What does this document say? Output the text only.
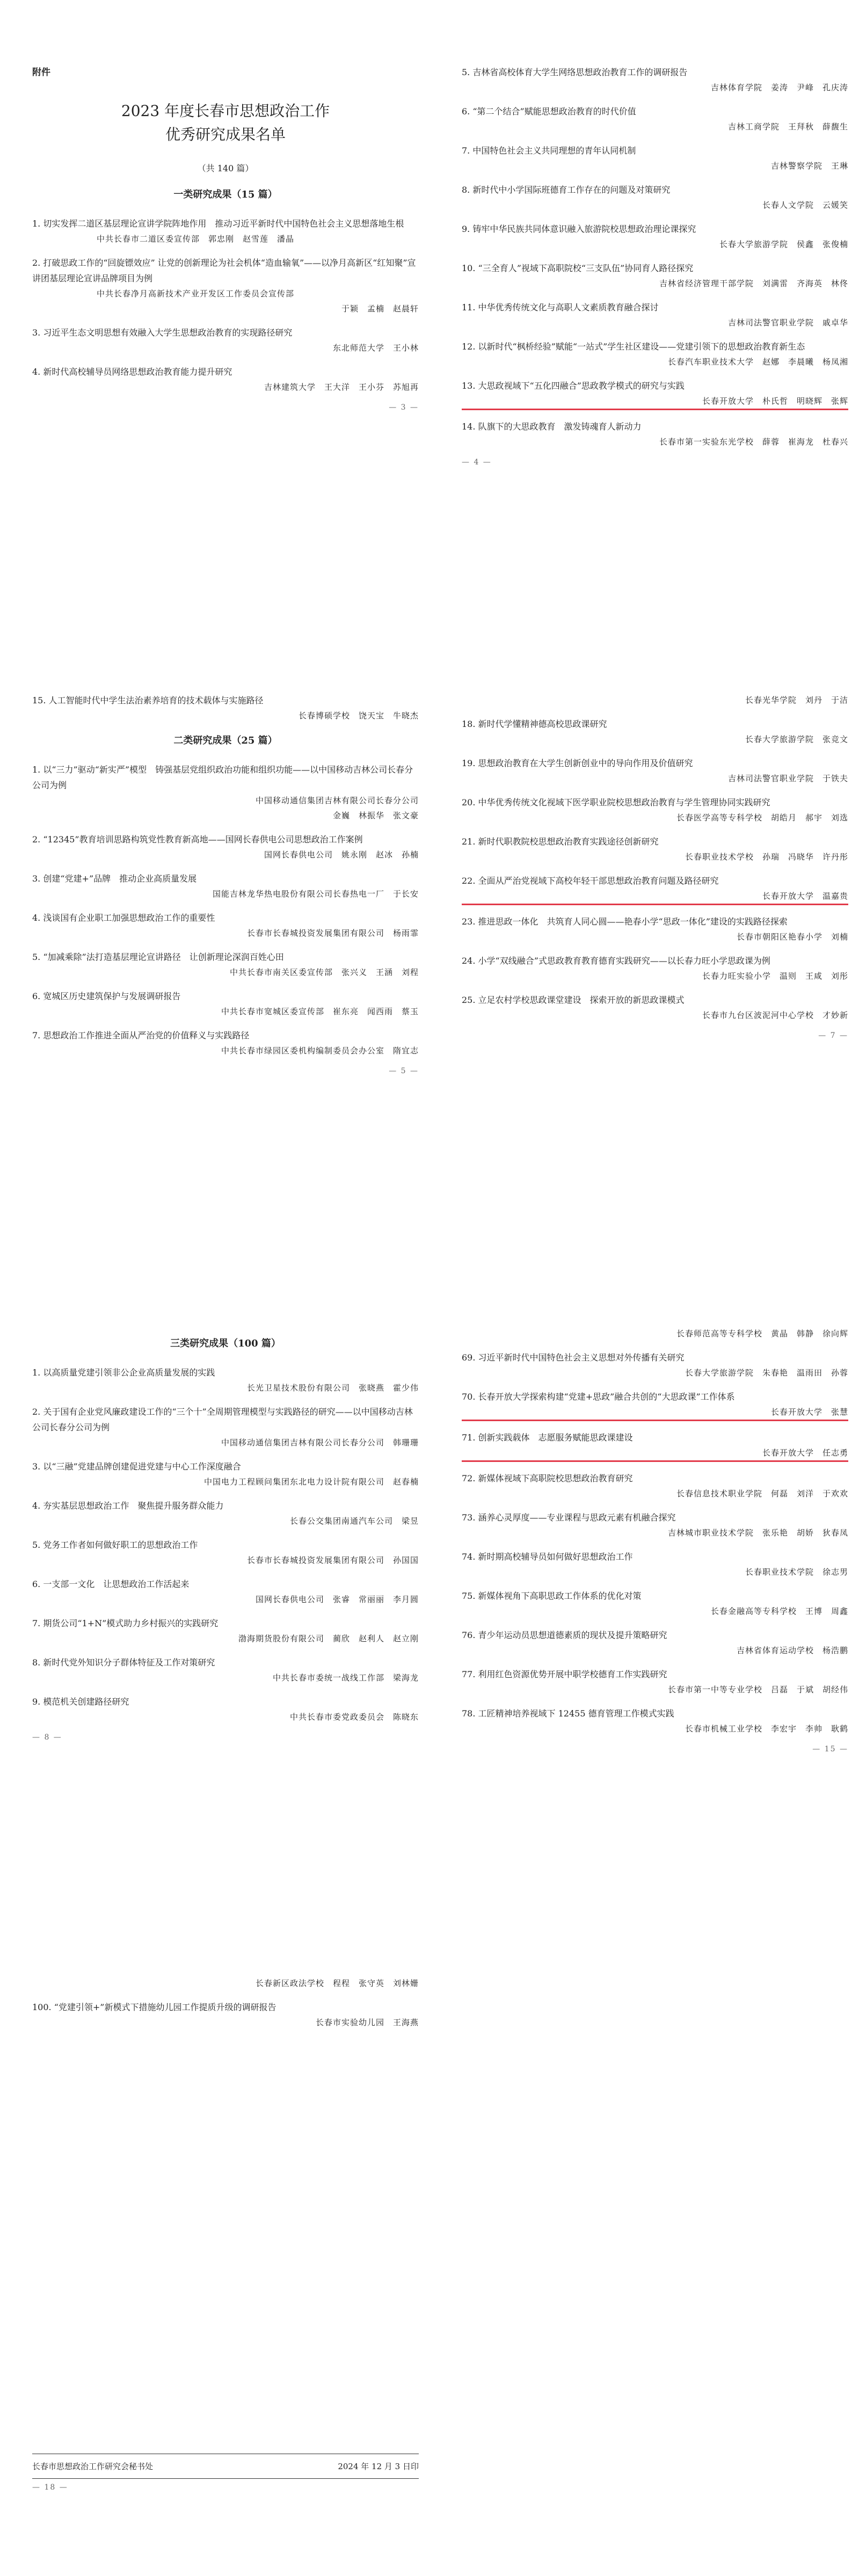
附件
2023 年度长春市思想政治工作
优秀研究成果名单
（共 140 篇）
一类研究成果（15 篇）
1. 切实发挥二道区基层理论宣讲学院阵地作用　推动习近平新时代中国特色社会主义思想落地生根
中共长春市二道区委宣传部　郭忠刚　赵雪莲　潘晶
2. 打破思政工作的“回旋镖效应” 让党的创新理论为社会机体“造血输氧”——以净月高新区“红知聚”宣讲团基层理论宣讲品牌项目为例
中共长春净月高新技术产业开发区工作委员会宣传部
于颖　孟楠　赵晨轩
3. 习近平生态文明思想有效融入大学生思想政治教育的实现路径研究
东北师范大学　王小林
4. 新时代高校辅导员网络思想政治教育能力提升研究
吉林建筑大学　王大洋　王小芬　苏旭再
— 3 —
5. 吉林省高校体育大学生网络思想政治教育工作的调研报告
吉林体育学院　姜涛　尹峰　孔庆涛
6. “第二个结合”赋能思想政治教育的时代价值
吉林工商学院　王拜秋　薛馥生
7. 中国特色社会主义共同理想的青年认同机制
吉林警察学院　王琳
8. 新时代中小学国际班德育工作存在的问题及对策研究
长春人文学院　云媛笑
9. 铸牢中华民族共同体意识融入旅游院校思想政治理论课探究
长春大学旅游学院　侯鑫　张俊楠
10. “三全育人”视域下高职院校“三支队伍”协同育人路径探究
吉林省经济管理干部学院　刘满雷　齐海英　林佟
11. 中华优秀传统文化与高职人文素质教育融合探讨
吉林司法警官职业学院　戚卓华
12. 以新时代“枫桥经验”赋能“一站式”学生社区建设——党建引领下的思想政治教育新生态
长春汽车职业技术大学　赵娜　李晨曦　杨凤湘
13. 大思政视域下“五化四融合”思政教学模式的研究与实践
长春开放大学　朴氏哲　明晓辉　张辉
14. 队旗下的大思政教育　激发铸魂育人新动力
长春市第一实验东光学校　薛蓉　崔海龙　杜春兴
— 4 —
15. 人工智能时代中学生法治素养培育的技术载体与实施路径
长春博硕学校　饶天宝　牛晓杰
二类研究成果（25 篇）
1. 以“三力”驱动“新实严”模型　铸强基层党组织政治功能和组织功能——以中国移动吉林公司长春分公司为例
中国移动通信集团吉林有限公司长春分公司
金巍　林振华　张文豪
2. “12345”教育培训思路构筑党性教育新高地——国网长春供电公司思想政治工作案例
国网长春供电公司　姚永刚　赵冰　孙楠
3. 创建“党建+”品牌　推动企业高质量发展
国能吉林龙华热电股份有限公司长春热电一厂　于长安
4. 浅谈国有企业职工加强思想政治工作的重要性
长春市长春城投资发展集团有限公司　杨雨霏
5. “加减乘除”法打造基层理论宣讲路径　让创新理论深润百姓心田
中共长春市南关区委宣传部　张兴义　王涵　刘程
6. 宽城区历史建筑保护与发展调研报告
中共长春市宽城区委宣传部　崔东亮　闻西雨　蔡玉
7. 思想政治工作推进全面从严治党的价值释义与实践路径
中共长春市绿园区委机构编制委员会办公室　隋宜志
— 5 —
长春光华学院　刘丹　于洁
18. 新时代学懂精神德高校思政课研究
长春大学旅游学院　张竞文
19. 思想政治教育在大学生创新创业中的导向作用及价值研究
吉林司法警官职业学院　于铁夫
20. 中华优秀传统文化视域下医学职业院校思想政治教育与学生管理协同实践研究
长春医学高等专科学校　胡皓月　郝宇　刘选
21. 新时代职教院校思想政治教育实践途径创新研究
长春职业技术学校　孙瑞　冯晓华　许丹彤
22. 全面从严治党视域下高校年轻干部思想政治教育问题及路径研究
长春开放大学　温嘉贵
23. 推进思政一体化　共筑育人同心圆——艳春小学“思政一体化”建设的实践路径探索
长春市朝阳区艳春小学　刘楠
24. 小学“双线融合”式思政教育教育德育实践研究——以长春力旺小学思政课为例
长春力旺实验小学　温则　王咸　刘彤
25. 立足农村学校思政课堂建设　探索开放的新思政课模式
长春市九台区波泥河中心学校　才妙新
— 7 —
三类研究成果（100 篇）
1. 以高质量党建引领非公企业高质量发展的实践
长光卫星技术股份有限公司　张晓燕　霍少伟
2. 关于国有企业党风廉政建设工作的“三个十”全周期管理模型与实践路径的研究——以中国移动吉林公司长春分公司为例
中国移动通信集团吉林有限公司长春分公司　韩珊珊
3. 以“三融”党建品牌创建促进党建与中心工作深度融合
中国电力工程顾问集团东北电力设计院有限公司　赵春楠
4. 夯实基层思想政治工作　聚焦提升服务群众能力
长春公交集团南通汽车公司　梁昱
5. 党务工作者如何做好职工的思想政治工作
长春市长春城投资发展集团有限公司　孙国国
6. 一支部一文化　让思想政治工作活起来
国网长春供电公司　张睿　常丽丽　李月圆
7. 期货公司“1+N”模式助力乡村振兴的实践研究
渤海期货股份有限公司　蔺欣　赵利人　赵立刚
8. 新时代党外知识分子群体特征及工作对策研究
中共长春市委统一战线工作部　梁海龙
9. 模范机关创建路径研究
中共长春市委党政委员会　陈晓东
— 8 —
长春师范高等专科学校　黄晶　韩静　徐向辉
69. 习近平新时代中国特色社会主义思想对外传播有关研究
长春大学旅游学院　朱春艳　温雨田　孙蓉
70. 长春开放大学探索构建“党建+思政”融合共创的“大思政课”工作体系
长春开放大学　张慧
71. 创新实践载体　志愿服务赋能思政课建设
长春开放大学　任志勇
72. 新媒体视域下高职院校思想政治教育研究
长春信息技术职业学院　何磊　刘洋　于欢欢
73. 涵养心灵厚度——专业课程与思政元素有机融合探究
吉林城市职业技术学院　张乐艳　胡娇　狄春凤
74. 新时期高校辅导员如何做好思想政治工作
长春职业技术学院　徐志男
75. 新媒体视角下高职思政工作体系的优化对策
长春金融高等专科学校　王博　周鑫
76. 青少年运动员思想道德素质的现状及提升策略研究
吉林省体育运动学校　杨浩鹏
77. 利用红色资源优势开展中职学校德育工作实践研究
长春市第一中等专业学校　吕磊　于斌　胡经伟
78. 工匠精神培养视域下 12455 德育管理工作模式实践
长春市机械工业学校　李宏宇　李帅　耿鹤
— 15 —
长春新区政法学校　程程　张守英　刘林姗
100. “党建引领+”新模式下措施幼儿园工作提质升级的调研报告
长春市实验幼儿园　王海燕
长春市思想政治工作研究会秘书处	2024 年 12 月 3 日印
— 18 —
